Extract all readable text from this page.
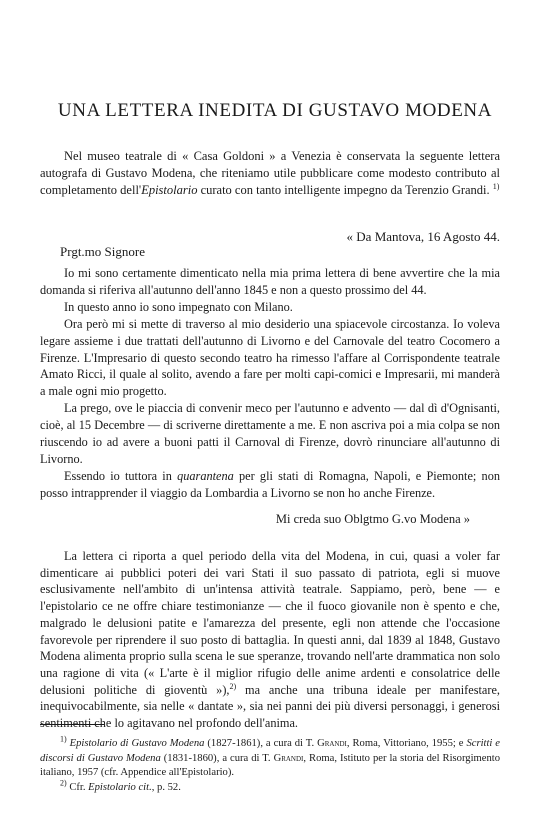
UNA LETTERA INEDITA DI GUSTAVO MODENA

Nel museo teatrale di « Casa Goldoni » a Venezia è conservata la seguente lettera autografa di Gustavo Modena, che riteniamo utile pubblicare come modesto contributo al completamento dell'Epistolario curato con tanto intelligente impegno da Terenzio Grandi. $^{1)}$

« Da Mantova, 16 Agosto 44.
Prgt.mo Signore

Io mi sono certamente dimenticato nella mia prima lettera di bene avvertire che la mia domanda si riferiva all'autunno dell'anno 1845 e non a questo prossimo del 44.

In questo anno io sono impegnato con Milano.

Ora però mi si mette di traverso al mio desiderio una spiacevole circostanza. Io voleva legare assieme i due trattati dell'autunno di Livorno e del Carnovale del teatro Cocomero a Firenze. L'Impresario di questo secondo teatro ha rimesso l'affare al Corrispondente teatrale Amato Ricci, il quale al solito, avendo a fare per molti capi-comici e Impresarii, mi manderà a male ogni mio progetto.

La prego, ove le piaccia di convenir meco per l'autunno e advento — dal dì d'Ognisanti, cioè, al 15 Decembre — di scriverne direttamente a me. E non ascriva poi a mia colpa se non riuscendo io ad avere a buoni patti il Carnoval di Firenze, dovrò rinunciare all'autunno di Livorno.

Essendo io tuttora in quarantena per gli stati di Romagna, Napoli, e Piemonte; non posso intrapprender il viaggio da Lombardia a Livorno se non ho anche Firenze.

Mi creda suo Oblgtmo G.vo Modena »

La lettera ci riporta a quel periodo della vita del Modena, in cui, quasi a voler far dimenticare ai pubblici poteri dei vari Stati il suo passato di patriota, egli si muove esclusivamente nell'ambito di un'intensa attività teatrale. Sappiamo, però, bene — e l'epistolario ce ne offre chiare testimonianze — che il fuoco giovanile non è spento e che, malgrado le delusioni patite e l'amarezza del presente, egli non attende che l'occasione favorevole per riprendere il suo posto di battaglia. In questi anni, dal 1839 al 1848, Gustavo Modena alimenta proprio sulla scena le sue speranze, trovando nell'arte drammatica non solo una ragione di vita (« L'arte è il miglior rifugio delle anime ardenti e consolatrice delle delusioni politiche di gioventù »),$^{2)}$ ma anche una tribuna ideale per manifestare, inequivocabilmente, sia nelle « dantate », sia nei panni dei più diversi personaggi, i generosi sentimenti che lo agitavano nel profondo dell'anima.

$^{1)}$ Epistolario di Gustavo Modena (1827-1861), a cura di T. Grandi, Roma, Vittoriano, 1955; e Scritti e discorsi di Gustavo Modena (1831-1860), a cura di T. Grandi, Roma, Istituto per la storia del Risorgimento italiano, 1957 (cfr. Appendice all'Epistolario).

$^{2)}$ Cfr. Epistolario cit., p. 52.
